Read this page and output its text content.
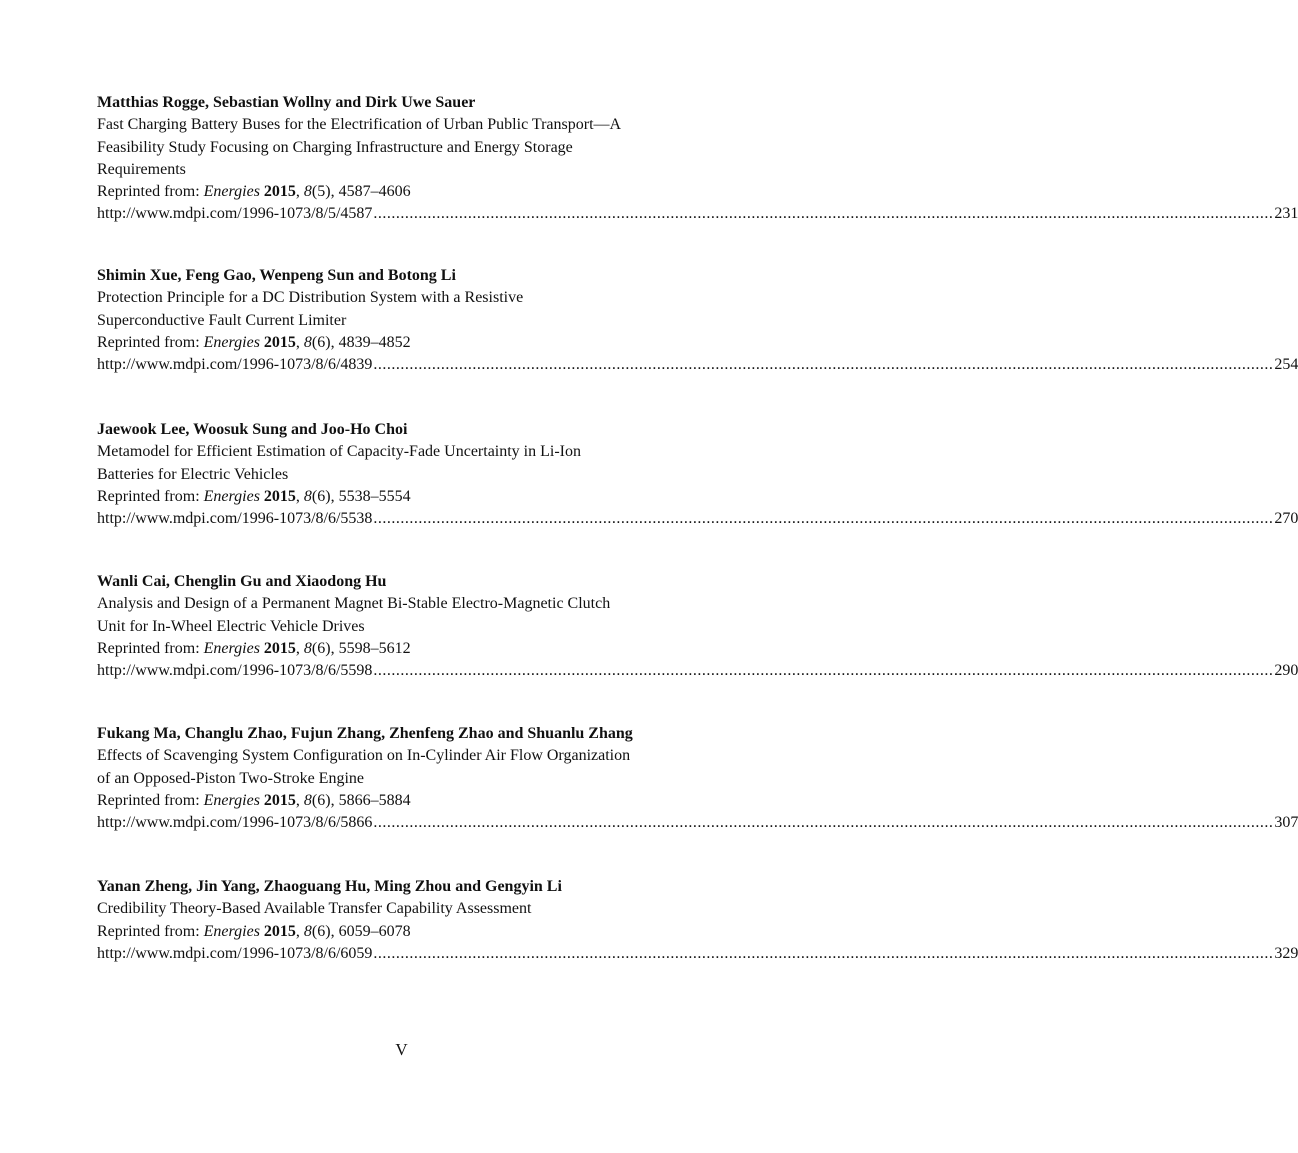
Matthias Rogge, Sebastian Wollny and Dirk Uwe Sauer
Fast Charging Battery Buses for the Electrification of Urban Public Transport—A
Feasibility Study Focusing on Charging Infrastructure and Energy Storage
Requirements
Reprinted from: Energies 2015, 8(5), 4587–4606
http://www.mdpi.com/1996-1073/8/5/4587 ........................................................................................................................................................................................................ 231
Shimin Xue, Feng Gao, Wenpeng Sun and Botong Li
Protection Principle for a DC Distribution System with a Resistive
Superconductive Fault Current Limiter
Reprinted from: Energies 2015, 8(6), 4839–4852
http://www.mdpi.com/1996-1073/8/6/4839 ........................................................................................................................................................................................................ 254
Jaewook Lee, Woosuk Sung and Joo-Ho Choi
Metamodel for Efficient Estimation of Capacity-Fade Uncertainty in Li-Ion
Batteries for Electric Vehicles
Reprinted from: Energies 2015, 8(6), 5538–5554
http://www.mdpi.com/1996-1073/8/6/5538 ........................................................................................................................................................................................................ 270
Wanli Cai, Chenglin Gu and Xiaodong Hu
Analysis and Design of a Permanent Magnet Bi-Stable Electro-Magnetic Clutch
Unit for In-Wheel Electric Vehicle Drives
Reprinted from: Energies 2015, 8(6), 5598–5612
http://www.mdpi.com/1996-1073/8/6/5598 ........................................................................................................................................................................................................ 290
Fukang Ma, Changlu Zhao, Fujun Zhang, Zhenfeng Zhao and Shuanlu Zhang
Effects of Scavenging System Configuration on In-Cylinder Air Flow Organization
of an Opposed-Piston Two-Stroke Engine
Reprinted from: Energies 2015, 8(6), 5866–5884
http://www.mdpi.com/1996-1073/8/6/5866 ........................................................................................................................................................................................................ 307
Yanan Zheng, Jin Yang, Zhaoguang Hu, Ming Zhou and Gengyin Li
Credibility Theory-Based Available Transfer Capability Assessment
Reprinted from: Energies 2015, 8(6), 6059–6078
http://www.mdpi.com/1996-1073/8/6/6059 ........................................................................................................................................................................................................ 329
V
